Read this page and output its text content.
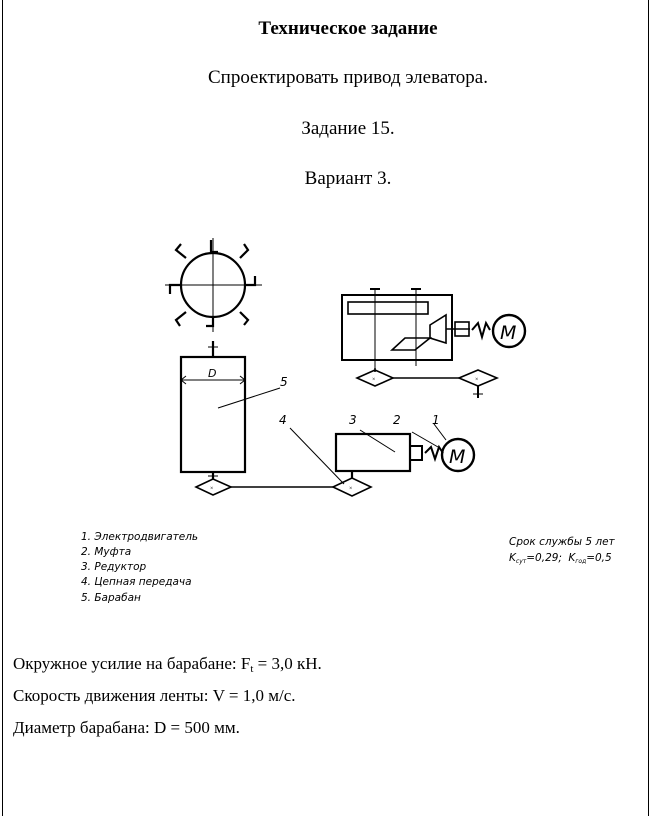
Техническое задание
Спроектировать привод элеватора.
Задание 15.
Вариант 3.
D
×	×
M
×	×
M
1
2
3
4
5
1. Электродвигатель
2. Муфта
3. Редуктор
4. Цепная передача
5. Барабан
Срок службы 5 лет
Kсут=0,29; Kгод=0,5
Окружное усилие на барабане: $F_t = 3,0$ кН.
Скорость движения ленты: V = 1,0 м/с.
Диаметр барабана: D = 500 мм.
